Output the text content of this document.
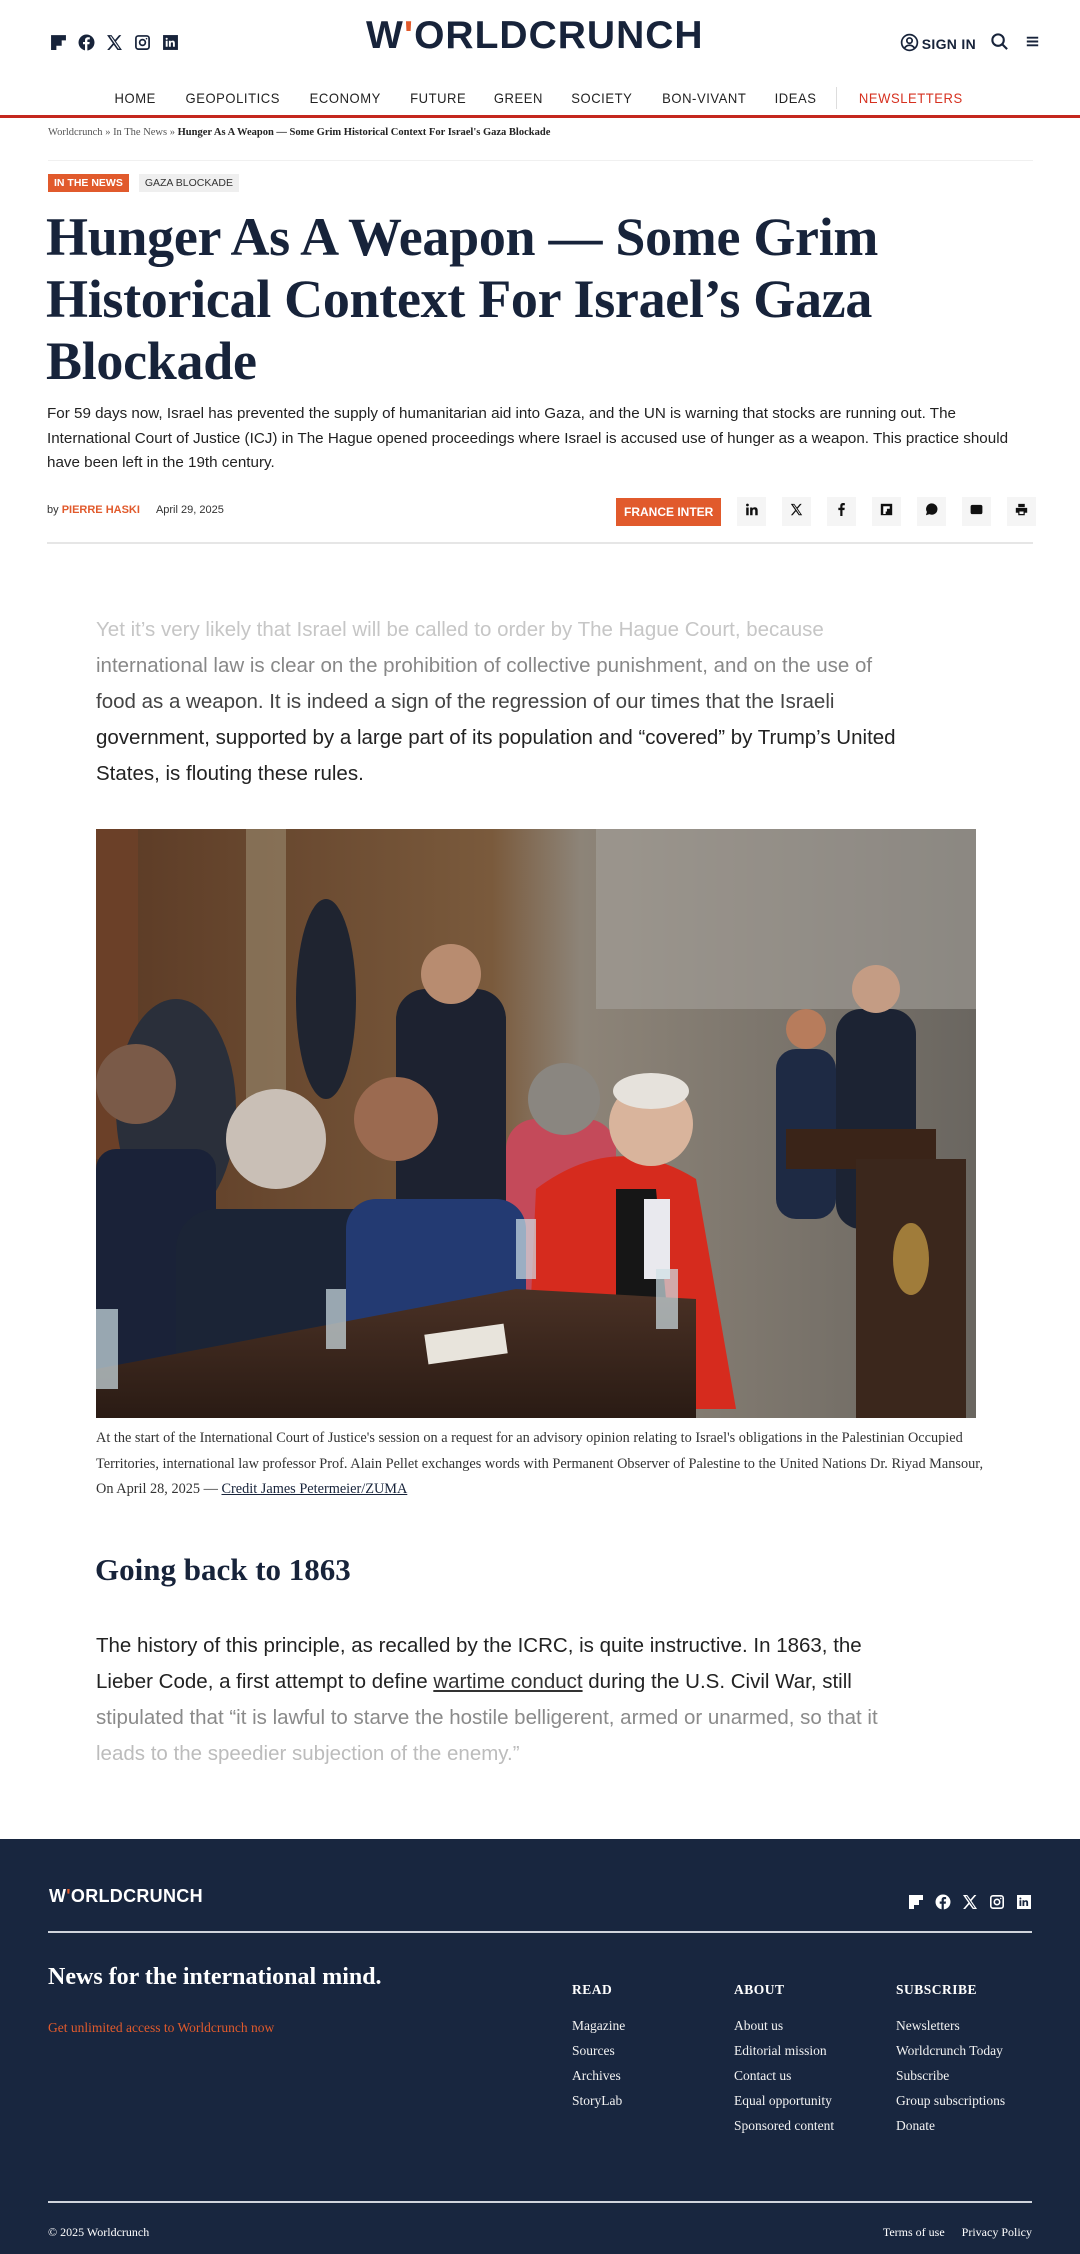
W'ORLDCRUNCH	SIGN IN
HOME	GEOPOLITICS	ECONOMY	FUTURE	GREEN	SOCIETY	BON-VIVANT	IDEAS	NEWSLETTERS
Worldcrunch » In The News » Hunger As A Weapon — Some Grim Historical Context For Israel's Gaza Blockade
IN THE NEWS	GAZA BLOCKADE
Hunger As A Weapon — Some Grim Historical Context For Israel’s Gaza Blockade

For 59 days now, Israel has prevented the supply of humanitarian aid into Gaza, and the UN is warning that stocks are running out. The International Court of Justice (ICJ) in The Hague opened proceedings where Israel is accused use of hunger as a weapon. This practice should have been left in the 19th century.

by PIERRE HASKI April 29, 2025	FRANCE INTER
Yet it’s very likely that Israel will be called to order by The Hague Court, because
international law is clear on the prohibition of collective punishment, and on the use of
food as a weapon. It is indeed a sign of the regression of our times that the Israeli
government, supported by a large part of its population and “covered” by Trump’s United
States, is flouting these rules.

At the start of the International Court of Justice's session on a request for an advisory opinion relating to Israel's obligations in the Palestinian Occupied Territories, international law professor Prof. Alain Pellet exchanges words with Permanent Observer of Palestine to the United Nations Dr. Riyad Mansour, On April 28, 2025 — Credit James Petermeier/ZUMA

Going back to 1863
The history of this principle, as recalled by the ICRC, is quite instructive. In 1863, the
Lieber Code, a first attempt to define wartime conduct during the U.S. Civil War, still
stipulated that “it is lawful to starve the hostile belligerent, armed or unarmed, so that it
leads to the speedier subjection of the enemy.”
W'ORLDCRUNCH
News for the international mind.
Get unlimited access to Worldcrunch now
READ
Magazine
Sources
Archives
StoryLab
ABOUT
About us
Editorial mission
Contact us
Equal opportunity
Sponsored content
SUBSCRIBE
Newsletters
Worldcrunch Today
Subscribe
Group subscriptions
Donate
© 2025 Worldcrunch	Terms of use Privacy Policy
